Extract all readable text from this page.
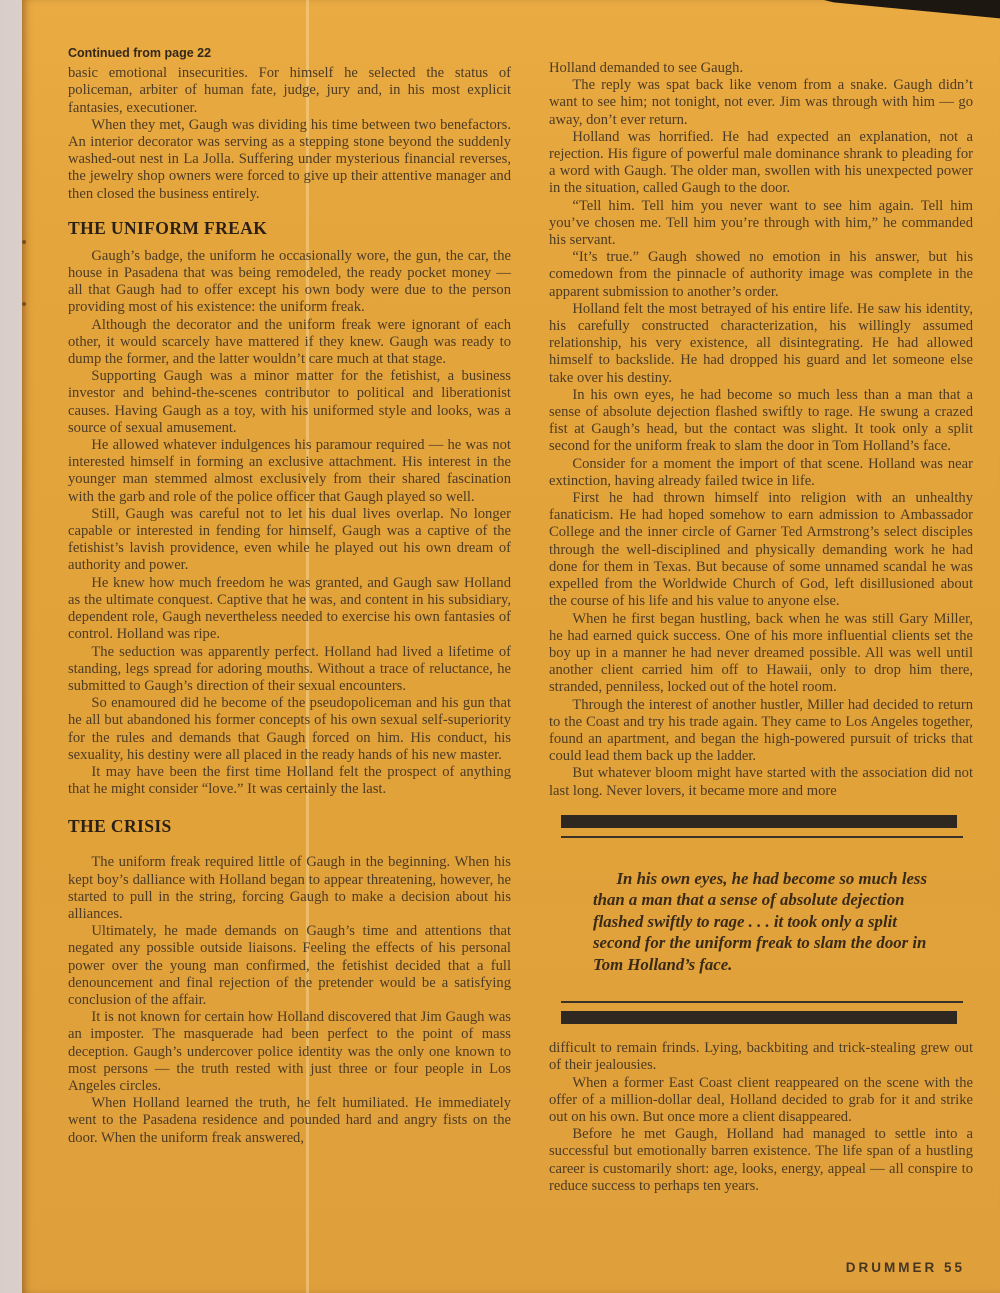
Continued from page 22

basic emotional insecurities. For himself he selected the status of policeman, arbiter of human fate, judge, jury and, in his most explicit fantasies, executioner.

When they met, Gaugh was dividing his time between two benefactors. An interior decorator was serving as a stepping stone beyond the suddenly washed-out nest in La Jolla. Suffering under mysterious financial reverses, the jewelry shop owners were forced to give up their attentive manager and then closed the business entirely.

THE UNIFORM FREAK

Gaugh’s badge, the uniform he occasionally wore, the gun, the car, the house in Pasadena that was being remodeled, the ready pocket money — all that Gaugh had to offer except his own body were due to the person providing most of his existence: the uniform freak.

Although the decorator and the uniform freak were ignorant of each other, it would scarcely have mattered if they knew. Gaugh was ready to dump the former, and the latter wouldn’t care much at that stage.

Supporting Gaugh was a minor matter for the fetishist, a business investor and behind-the-scenes contributor to political and liberationist causes. Having Gaugh as a toy, with his uniformed style and looks, was a source of sexual amusement.

He allowed whatever indulgences his paramour required — he was not interested himself in forming an exclusive attachment. His interest in the younger man stemmed almost exclusively from their shared fascination with the garb and role of the police officer that Gaugh played so well.

Still, Gaugh was careful not to let his dual lives overlap. No longer capable or interested in fending for himself, Gaugh was a captive of the fetishist’s lavish providence, even while he played out his own dream of authority and power.

He knew how much freedom he was granted, and Gaugh saw Holland as the ultimate conquest. Captive that he was, and content in his subsidiary, dependent role, Gaugh nevertheless needed to exercise his own fantasies of control. Holland was ripe.

The seduction was apparently perfect. Holland had lived a lifetime of standing, legs spread for adoring mouths. Without a trace of reluctance, he submitted to Gaugh’s direction of their sexual encounters.

So enamoured did he become of the pseudopoliceman and his gun that he all but abandoned his former concepts of his own sexual self-superiority for the rules and demands that Gaugh forced on him. His conduct, his sexuality, his destiny were all placed in the ready hands of his new master.

It may have been the first time Holland felt the prospect of anything that he might consider “love.” It was certainly the last.

THE CRISIS

The uniform freak required little of Gaugh in the beginning. When his kept boy’s dalliance with Holland began to appear threatening, however, he started to pull in the string, forcing Gaugh to make a decision about his alliances.

Ultimately, he made demands on Gaugh’s time and attentions that negated any possible outside liaisons. Feeling the effects of his personal power over the young man confirmed, the fetishist decided that a full denouncement and final rejection of the pretender would be a satisfying conclusion of the affair.

It is not known for certain how Holland discovered that Jim Gaugh was an imposter. The masquerade had been perfect to the point of mass deception. Gaugh’s undercover police identity was the only one known to most persons — the truth rested with just three or four people in Los Angeles circles.

When Holland learned the truth, he felt humiliated. He immediately went to the Pasadena residence and pounded hard and angry fists on the door. When the uniform freak answered,

Holland demanded to see Gaugh.

The reply was spat back like venom from a snake. Gaugh didn’t want to see him; not tonight, not ever. Jim was through with him — go away, don’t ever return.

Holland was horrified. He had expected an explanation, not a rejection. His figure of powerful male dominance shrank to pleading for a word with Gaugh. The older man, swollen with his unexpected power in the situation, called Gaugh to the door.

“Tell him. Tell him you never want to see him again. Tell him you’ve chosen me. Tell him you’re through with him,” he commanded his servant.

“It’s true.” Gaugh showed no emotion in his answer, but his comedown from the pinnacle of authority image was complete in the apparent submission to another’s order.

Holland felt the most betrayed of his entire life. He saw his identity, his carefully constructed characterization, his willingly assumed relationship, his very existence, all disintegrating. He had allowed himself to backslide. He had dropped his guard and let someone else take over his destiny.

In his own eyes, he had become so much less than a man that a sense of absolute dejection flashed swiftly to rage. He swung a crazed fist at Gaugh’s head, but the contact was slight. It took only a split second for the uniform freak to slam the door in Tom Holland’s face.

Consider for a moment the import of that scene. Holland was near extinction, having already failed twice in life.

First he had thrown himself into religion with an unhealthy fanaticism. He had hoped somehow to earn admission to Ambassador College and the inner circle of Garner Ted Armstrong’s select disciples through the well-disciplined and physically demanding work he had done for them in Texas. But because of some unnamed scandal he was expelled from the Worldwide Church of God, left disillusioned about the course of his life and his value to anyone else.

When he first began hustling, back when he was still Gary Miller, he had earned quick success. One of his more influential clients set the boy up in a manner he had never dreamed possible. All was well until another client carried him off to Hawaii, only to drop him there, stranded, penniless, locked out of the hotel room.

Through the interest of another hustler, Miller had decided to return to the Coast and try his trade again. They came to Los Angeles together, found an apartment, and began the high-powered pursuit of tricks that could lead them back up the ladder.

But whatever bloom might have started with the association did not last long. Never lovers, it became more and more

In his own eyes, he had become so much less than a man that a sense of absolute dejection flashed swiftly to rage . . . it took only a split second for the uniform freak to slam the door in Tom Holland’s face.

difficult to remain frinds. Lying, backbiting and trick-stealing grew out of their jealousies.

When a former East Coast client reappeared on the scene with the offer of a million-dollar deal, Holland decided to grab for it and strike out on his own. But once more a client disappeared.

Before he met Gaugh, Holland had managed to settle into a successful but emotionally barren existence. The life span of a hustling career is customarily short: age, looks, energy, appeal — all conspire to reduce success to perhaps ten years.

DRUMMER 55
